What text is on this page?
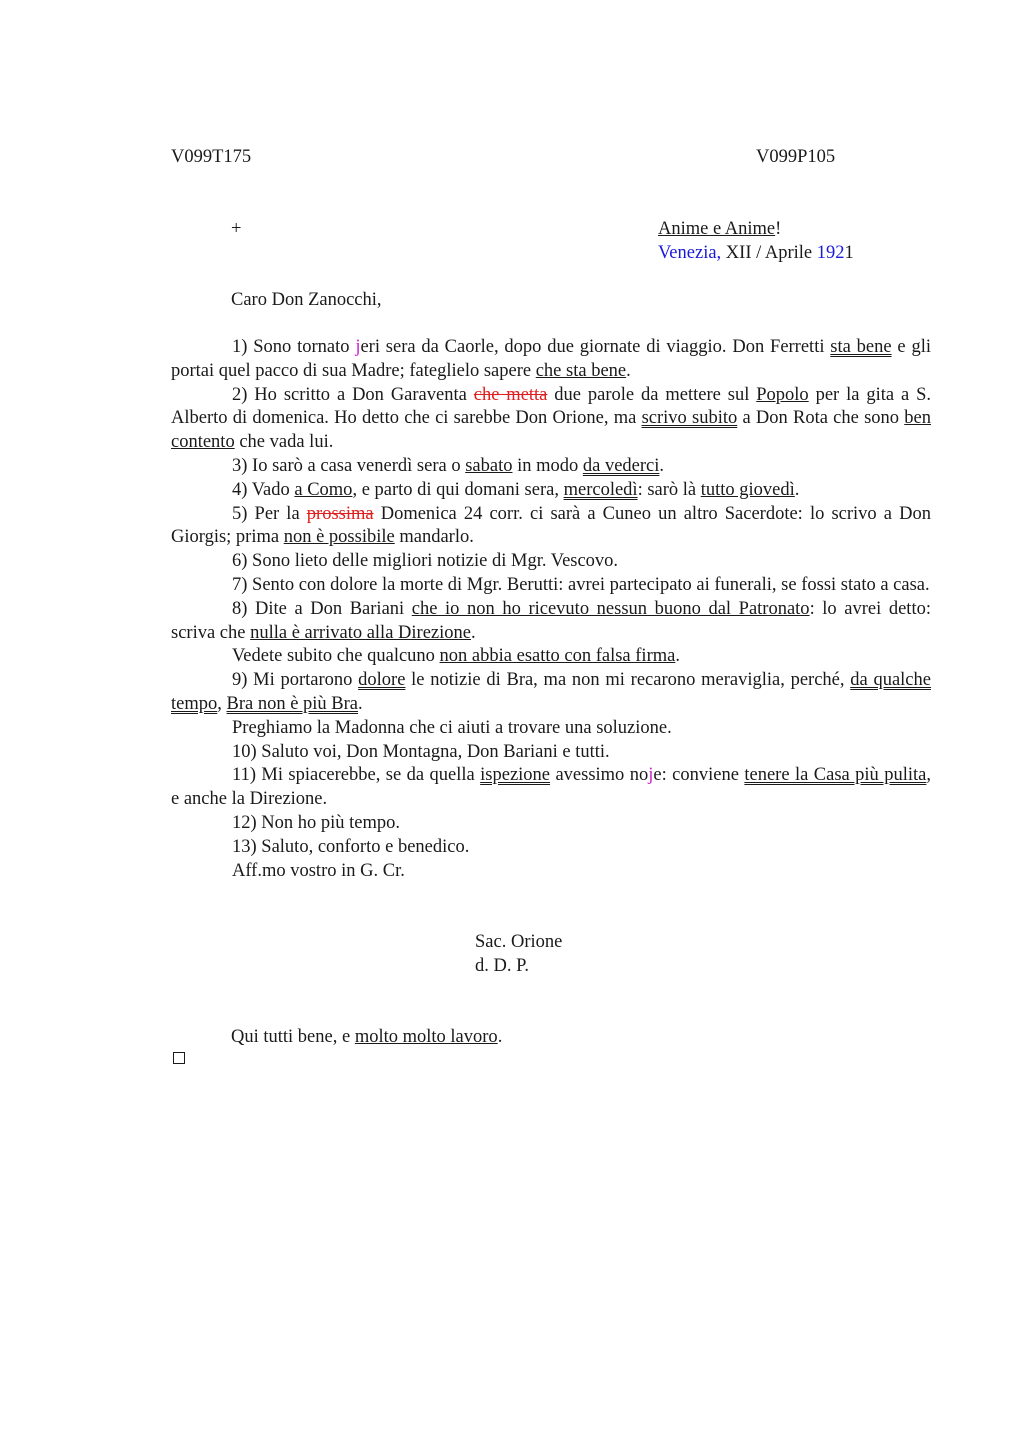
V099T175	V099P105
+	Anime e Anime!
Venezia, XII / Aprile 1921
Caro Don Zanocchi,

1) Sono tornato jeri sera da Caorle, dopo due giornate di viaggio. Don Ferretti sta bene e gli portai quel pacco di sua Madre; fateglielo sapere che sta bene.

2) Ho scritto a Don Garaventa che metta due parole da mettere sul Popolo per la gita a S. Alberto di domenica. Ho detto che ci sarebbe Don Orione, ma scrivo subito a Don Rota che sono ben contento che vada lui.

3) Io sarò a casa venerdì sera o sabato in modo da vederci.

4) Vado a Como, e parto di qui domani sera, mercoledì: sarò là tutto giovedì.

5) Per la prossima Domenica 24 corr. ci sarà a Cuneo un altro Sacerdote: lo scrivo a Don Giorgis; prima non è possibile mandarlo.

6) Sono lieto delle migliori notizie di Mgr. Vescovo.

7) Sento con dolore la morte di Mgr. Berutti: avrei partecipato ai funerali, se fossi stato a casa.

8) Dite a Don Bariani che io non ho ricevuto nessun buono dal Patronato: lo avrei detto: scriva che nulla è arrivato alla Direzione.

Vedete subito che qualcuno non abbia esatto con falsa firma.

9) Mi portarono dolore le notizie di Bra, ma non mi recarono meraviglia, perché, da qualche tempo, Bra non è più Bra.

Preghiamo la Madonna che ci aiuti a trovare una soluzione.

10) Saluto voi, Don Montagna, Don Bariani e tutti.

11) Mi spiacerebbe, se da quella ispezione avessimo noje: conviene tenere la Casa più pulita, e anche la Direzione.

12) Non ho più tempo.

13) Saluto, conforto e benedico.

Aff.mo vostro in G. Cr.

Sac. Orione
d. D. P.
Qui tutti bene, e molto molto lavoro.
